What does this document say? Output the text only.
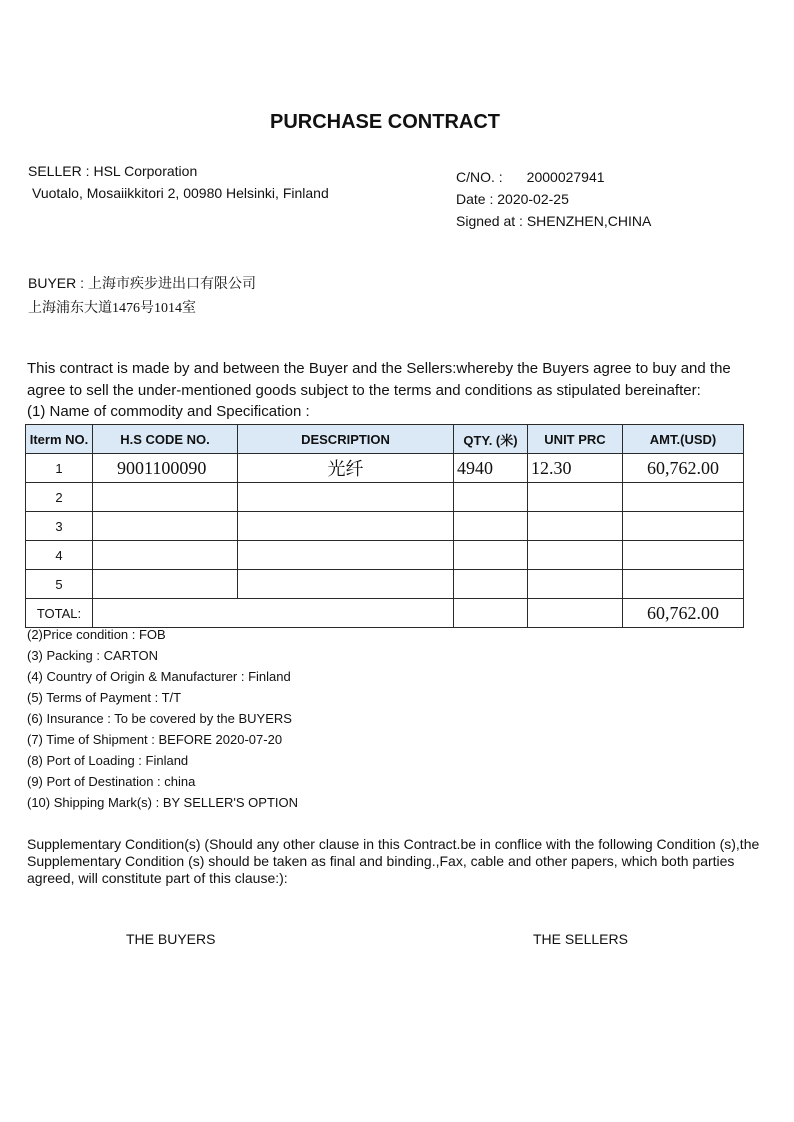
PURCHASE CONTRACT
SELLER : HSL Corporation
Vuotalo, Mosaiikkitori 2, 00980 Helsinki, Finland
C/NO. : 2000027941
Date : 2020-02-25
Signed at : SHENZHEN,CHINA
BUYER : 上海市疾步进出口有限公司
上海浦东大道1476号1014室
This contract is made by and between the Buyer and the Sellers:whereby the Buyers agree to buy and the
agree to sell the under-mentioned goods subject to the terms and conditions as stipulated bereinafter:
(1) Name of commodity and Specification :
Iterm NO.	H.S CODE NO.	DESCRIPTION	QTY. (米)	UNIT PRC	AMT.(USD)
1	9001100090	光纤	4940	12.30	60,762.00
2					
3					
4					
5					
TOTAL:					60,762.00
(2)Price condition : FOB
(3) Packing : CARTON
(4) Country of Origin & Manufacturer : Finland
(5) Terms of Payment : T/T
(6) Insurance : To be covered by the BUYERS
(7) Time of Shipment : BEFORE 2020-07-20
(8) Port of Loading : Finland
(9) Port of Destination : china
(10) Shipping Mark(s) : BY SELLER'S OPTION
Supplementary Condition(s) (Should any other clause in this Contract.be in conflice with the following Condition (s),the Supplementary Condition (s) should be taken as final and binding.,Fax, cable and other papers, which both parties agreed, will constitute part of this clause:):
THE BUYERS	THE SELLERS
